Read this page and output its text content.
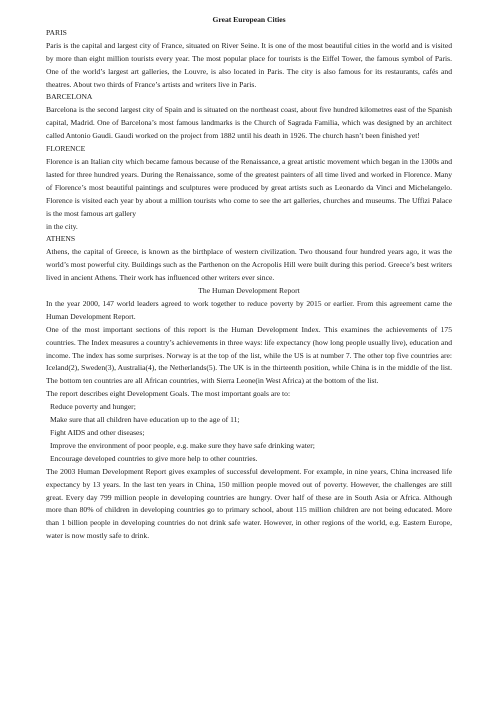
Great European Cities

PARIS

Paris is the capital and largest city of France, situated on River Seine. It is one of the most beautiful cities in the world and is visited by more than eight million tourists every year. The most popular place for tourists is the Eiffel Tower, the famous symbol of Paris. One of the world’s largest art galleries, the Louvre, is also located in Paris. The city is also famous for its restaurants, cafés and theatres. About two thirds of France’s artists and writers live in Paris.

BARCELONA

Barcelona is the second largest city of Spain and is situated on the northeast coast, about five hundred kilometres east of the Spanish capital, Madrid. One of Barcelona’s most famous landmarks is the Church of Sagrada Familia, which was designed by an architect called Antonio Gaudi. Gaudi worked on the project from 1882 until his death in 1926. The church hasn’t been finished yet!

FLORENCE

Florence is an Italian city which became famous because of the Renaissance, a great artistic movement which began in the 1300s and lasted for three hundred years. During the Renaissance, some of the greatest painters of all time lived and worked in Florence. Many of Florence’s most beautiful paintings and sculptures were produced by great artists such as Leonardo da Vinci and Michelangelo. Florence is visited each year by about a million tourists who come to see the art galleries, churches and museums. The Uffizi Palace is the most famous art gallery

in the city.

ATHENS

Athens, the capital of Greece, is known as the birthplace of western civilization. Two thousand four hundred years ago, it was the world’s most powerful city. Buildings such as the Parthenon on the Acropolis Hill were built during this period. Greece’s best writers lived in ancient Athens. Their work has influenced other writers ever since.

The Human Development Report

In the year 2000, 147 world leaders agreed to work together to reduce poverty by 2015 or earlier. From this agreement came the Human Development Report.

One of the most important sections of this report is the Human Development Index. This examines the achievements of 175 countries. The Index measures a country’s achievements in three ways: life expectancy (how long people usually live), education and income. The index has some surprises. Norway is at the top of the list, while the US is at number 7. The other top five countries are: Iceland(2), Sweden(3), Australia(4), the Netherlands(5). The UK is in the thirteenth position, while China is in the middle of the list. The bottom ten countries are all African countries, with Sierra Leone(in West Africa) at the bottom of the list.

The report describes eight Development Goals. The most important goals are to:

Reduce poverty and hunger;

Make sure that all children have education up to the age of 11;

Fight AIDS and other diseases;

Improve the environment of poor people, e.g. make sure they have safe drinking water;

Encourage developed countries to give more help to other countries.

The 2003 Human Development Report gives examples of successful development. For example, in nine years, China increased life expectancy by 13 years. In the last ten years in China, 150 million people moved out of poverty. However, the challenges are still great. Every day 799 million people in developing countries are hungry. Over half of these are in South Asia or Africa. Although more than 80% of children in developing countries go to primary school, about 115 million children are not being educated. More than 1 billion people in developing countries do not drink safe water. However, in other regions of the world, e.g. Eastern Europe, water is now mostly safe to drink.
